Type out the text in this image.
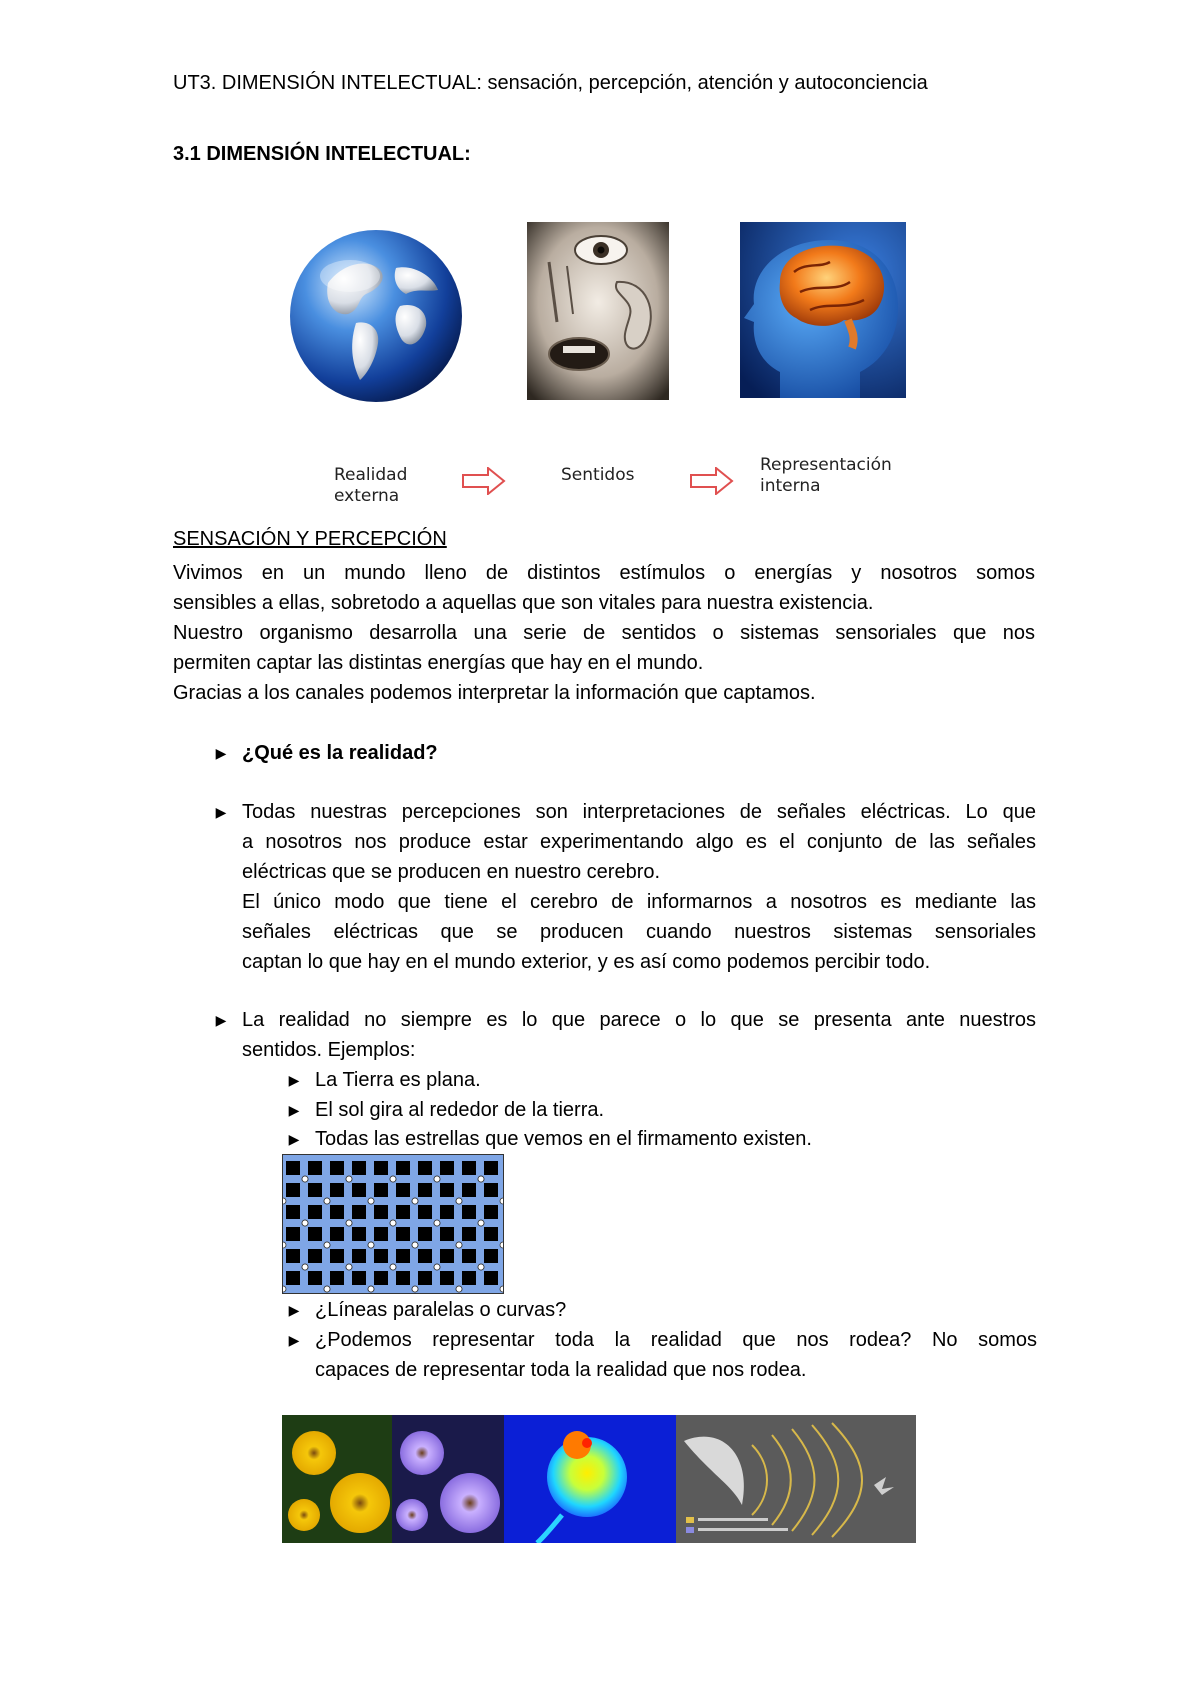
UT3. DIMENSIÓN INTELECTUAL: sensación, percepción, atención y autoconciencia
3.1 DIMENSIÓN INTELECTUAL:
Realidad
externa
Sentidos	Representación
interna
SENSACIÓN Y PERCEPCIÓN

Vivimos en un mundo lleno de distintos estímulos o energías y nosotros somos

sensibles a ellas, sobretodo a aquellas que son vitales para nuestra existencia.

Nuestro organismo desarrolla una serie de sentidos o sistemas sensoriales que nos

permiten captar las distintas energías que hay en el mundo.

Gracias a los canales podemos interpretar la información que captamos.

▶ ¿Qué es la realidad?
▶ Todas nuestras percepciones son interpretaciones de señales eléctricas. Lo que

a nosotros nos produce estar experimentando algo es el conjunto de las señales

eléctricas que se producen en nuestro cerebro.

El único modo que tiene el cerebro de informarnos a nosotros es mediante las

señales eléctricas que se producen cuando nuestros sistemas sensoriales

captan lo que hay en el mundo exterior, y es así como podemos percibir todo.

▶ La realidad no siempre es lo que parece o lo que se presenta ante nuestros

sentidos. Ejemplos:

▶ La Tierra es plana.
▶ El sol gira al rededor de la tierra.
▶ Todas las estrellas que vemos en el firmamento existen.
▶ ¿Líneas paralelas o curvas?
▶ ¿Podemos representar toda la realidad que nos rodea? No somos

capaces de representar toda la realidad que nos rodea.
